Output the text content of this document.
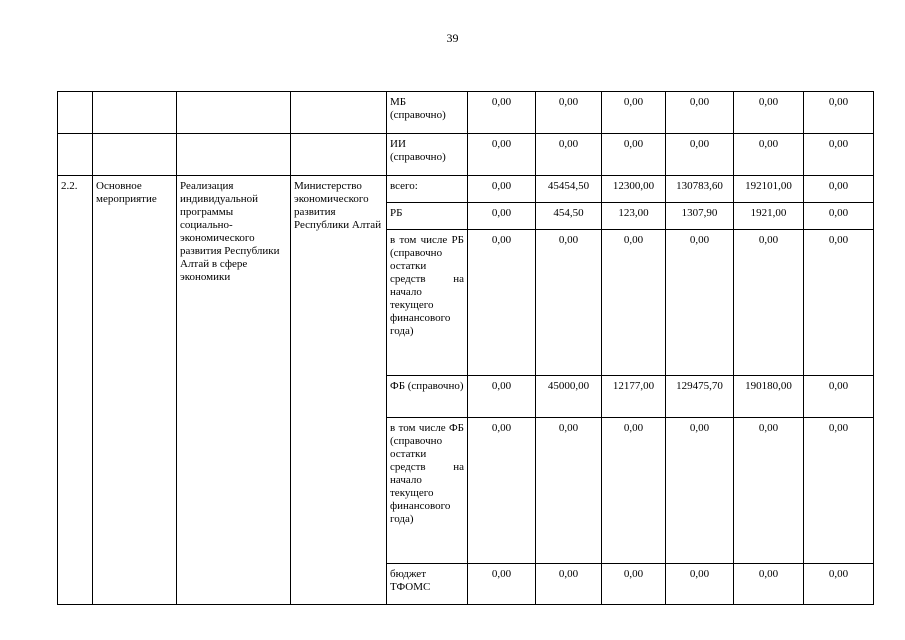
39
				МБ (справочно)	0,00	0,00	0,00	0,00	0,00	0,00
				ИИ (справочно)	0,00	0,00	0,00	0,00	0,00	0,00
2.2.	Основное мероприятие	Реализация индивидуальной программы социально-экономического развития Республики Алтай в сфере экономики	Министерство экономического развития Республики Алтай	всего:	0,00	45454,50	12300,00	130783,60	192101,00	0,00
				РБ	0,00	454,50	123,00	1307,90	1921,00	0,00
				в том числе РБ (справочно остатки средств на начало текущего финансового года)	0,00	0,00	0,00	0,00	0,00	0,00
				ФБ (справочно)	0,00	45000,00	12177,00	129475,70	190180,00	0,00
				в том числе ФБ (справочно остатки средств на начало текущего финансового года)	0,00	0,00	0,00	0,00	0,00	0,00
				бюджет ТФОМС	0,00	0,00	0,00	0,00	0,00	0,00
